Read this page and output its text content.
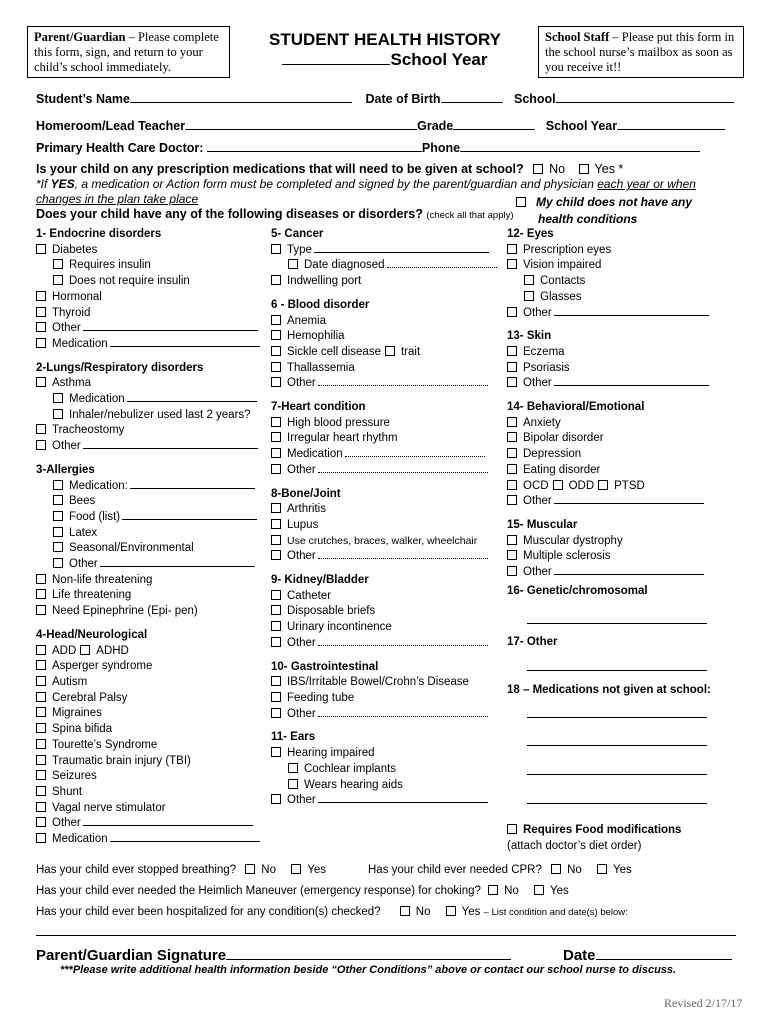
Parent/Guardian – Please complete this form, sign, and return to your child’s school immediately.
STUDENT HEALTH HISTORY
School Year
School Staff – Please put this form in the school nurse’s mailbox as soon as you receive it!!
Student’s Name	Date of Birth	School
Homeroom/Lead Teacher	Grade	School Year
Primary Health Care Doctor:	Phone
Is your child on any prescription medications that will need to be given at school? No Yes *
*If YES, a medication or Action form must be completed and signed by the parent/guardian and physician each year or when
changes in the plan take place
Does your child have any of the following diseases or disorders? (check all that apply)
My child does not have any
health conditions
1- Endocrine disorders
Diabetes
Requires insulin
Does not require insulin
Hormonal
Thyroid
Other
Medication
2-Lungs/Respiratory disorders
Asthma
Medication
Inhaler/nebulizer used last 2 years?
Tracheostomy
Other
3-Allergies
Medication:
Bees
Food (list)
Latex
Seasonal/Environmental
Other
Non-life threatening
Life threatening
Need Epinephrine (Epi- pen)
4-Head/Neurological
ADD ADHD
Asperger syndrome
Autism
Cerebral Palsy
Migraines
Spina bifida
Tourette’s Syndrome
Traumatic brain injury (TBI)
Seizures
Shunt
Vagal nerve stimulator
Other
Medication
5- Cancer
Type
Date diagnosed
Indwelling port
6 - Blood disorder
Anemia
Hemophilia
Sickle cell disease trait
Thallassemia
Other
7-Heart condition
High blood pressure
Irregular heart rhythm
Medication
Other
8-Bone/Joint
Arthritis
Lupus
Use crutches, braces, walker, wheelchair
Other
9- Kidney/Bladder
Catheter
Disposable briefs
Urinary incontinence
Other
10- Gastrointestinal
IBS/Irritable Bowel/Crohn’s Disease
Feeding tube
Other
11- Ears
Hearing impaired
Cochlear implants
Wears hearing aids
Other
12- Eyes
Prescription eyes
Vision impaired
Contacts
Glasses
Other
13- Skin
Eczema
Psoriasis
Other
14- Behavioral/Emotional
Anxiety
Bipolar disorder
Depression
Eating disorder
OCD ODD PTSD
Other
15- Muscular
Muscular dystrophy
Multiple sclerosis
Other
16- Genetic/chromosomal
17- Other
18 – Medications not given at school:
Requires Food modifications
(attach doctor’s diet order)
Has your child ever stopped breathing? No	Yes	Has your child ever needed CPR? No	Yes
Has your child ever needed the Heimlich Maneuver (emergency response) for choking? No	Yes
Has your child ever been hospitalized for any condition(s) checked?	No	Yes – List condition and date(s) below:
Parent/Guardian Signature	Date
***Please write additional health information beside “Other Conditions” above or contact our school nurse to discuss.
Revised 2/17/17
